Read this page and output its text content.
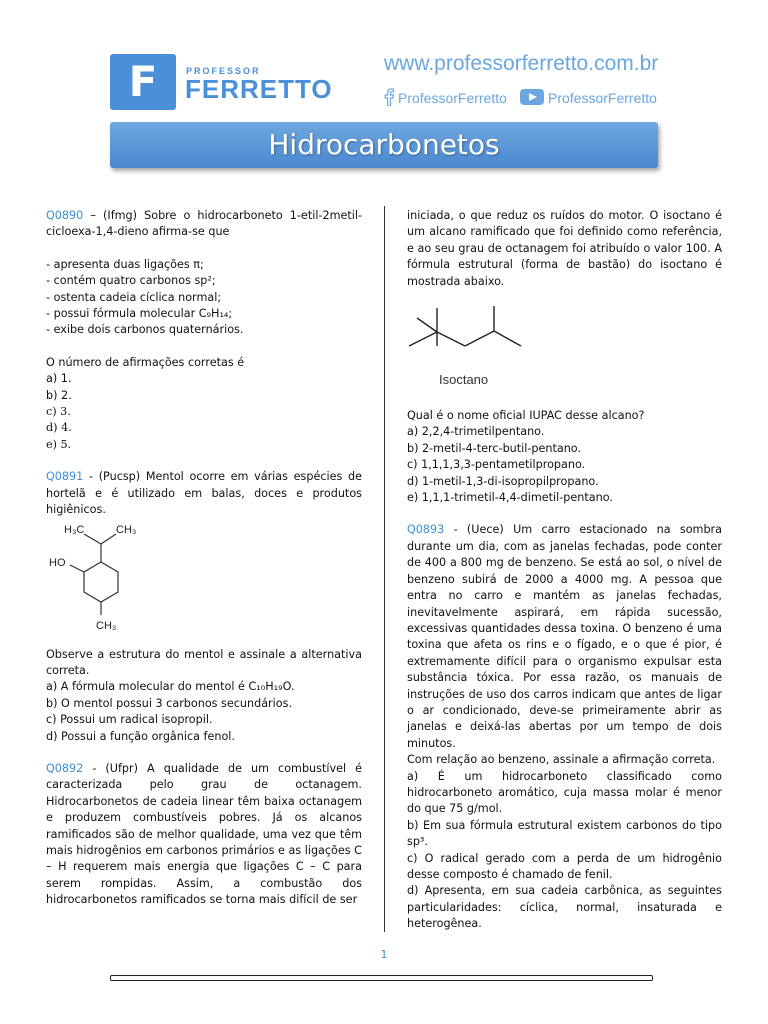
F	PROFESSOR
FERRETTO
www.professorferretto.com.br
ProfessorFerretto	ProfessorFerretto
Hidrocarbonetos
Q0890 – (Ifmg) Sobre o hidrocarboneto 1-etil-2metil-cicloexa-1,4-dieno afirma-se que

- apresenta duas ligações π;

- contém quatro carbonos sp²;

- ostenta cadeia cíclica normal;

- possui fórmula molecular C₉H₁₄;

- exibe dois carbonos quaternários.

O número de afirmações corretas é

a) 1.

b) 2.

c) 3.

d) 4.

e) 5.

Q0891 - (Pucsp) Mentol ocorre em várias espécies de hortelã e é utilizado em balas, doces e produtos higiênicos.
H₃C	CH₃
HO
CH₃

Observe a estrutura do mentol e assinale a alternativa correta.

a) A fórmula molecular do mentol é C₁₀H₁₉O.

b) O mentol possui 3 carbonos secundários.

c) Possui um radical isopropil.

d) Possui a função orgânica fenol.

Q0892 - (Ufpr) A qualidade de um combustível é caracterizada pelo grau de octanagem. Hidrocarbonetos de cadeia linear têm baixa octanagem e produzem combustíveis pobres. Já os alcanos ramificados são de melhor qualidade, uma vez que têm mais hidrogênios em carbonos primários e as ligações C – H requerem mais energia que ligações C – C para serem rompidas. Assim, a combustão dos hidrocarbonetos ramificados se torna mais difícil de ser

iniciada, o que reduz os ruídos do motor. O isoctano é um alcano ramificado que foi definido como referência, e ao seu grau de octanagem foi atribuído o valor 100. A fórmula estrutural (forma de bastão) do isoctano é mostrada abaixo.

Isoctano

Qual é o nome oficial IUPAC desse alcano?

a) 2,2,4-trimetilpentano.

b) 2-metil-4-terc-butil-pentano.

c) 1,1,1,3,3-pentametilpropano.

d) 1-metil-1,3-di-isopropilpropano.

e) 1,1,1-trimetil-4,4-dimetil-pentano.

Q0893 - (Uece) Um carro estacionado na sombra durante um dia, com as janelas fechadas, pode conter de 400 a 800 mg de benzeno. Se está ao sol, o nível de benzeno subirá de 2000 a 4000 mg. A pessoa que entra no carro e mantém as janelas fechadas, inevitavelmente aspirará, em rápida sucessão, excessivas quantidades dessa toxina. O benzeno é uma toxina que afeta os rins e o fígado, e o que é pior, é extremamente difícil para o organismo expulsar esta substância tóxica. Por essa razão, os manuais de instruções de uso dos carros indicam que antes de ligar o ar condicionado, deve-se primeiramente abrir as janelas e deixá-las abertas por um tempo de dois minutos.

Com relação ao benzeno, assinale a afirmação correta.

a) É um hidrocarboneto classificado como hidrocarboneto aromático, cuja massa molar é menor do que 75 g/mol.

b) Em sua fórmula estrutural existem carbonos do tipo sp³.

c) O radical gerado com a perda de um hidrogênio desse composto é chamado de fenil.

d) Apresenta, em sua cadeia carbônica, as seguintes particularidades: cíclica, normal, insaturada e heterogênea.

1
